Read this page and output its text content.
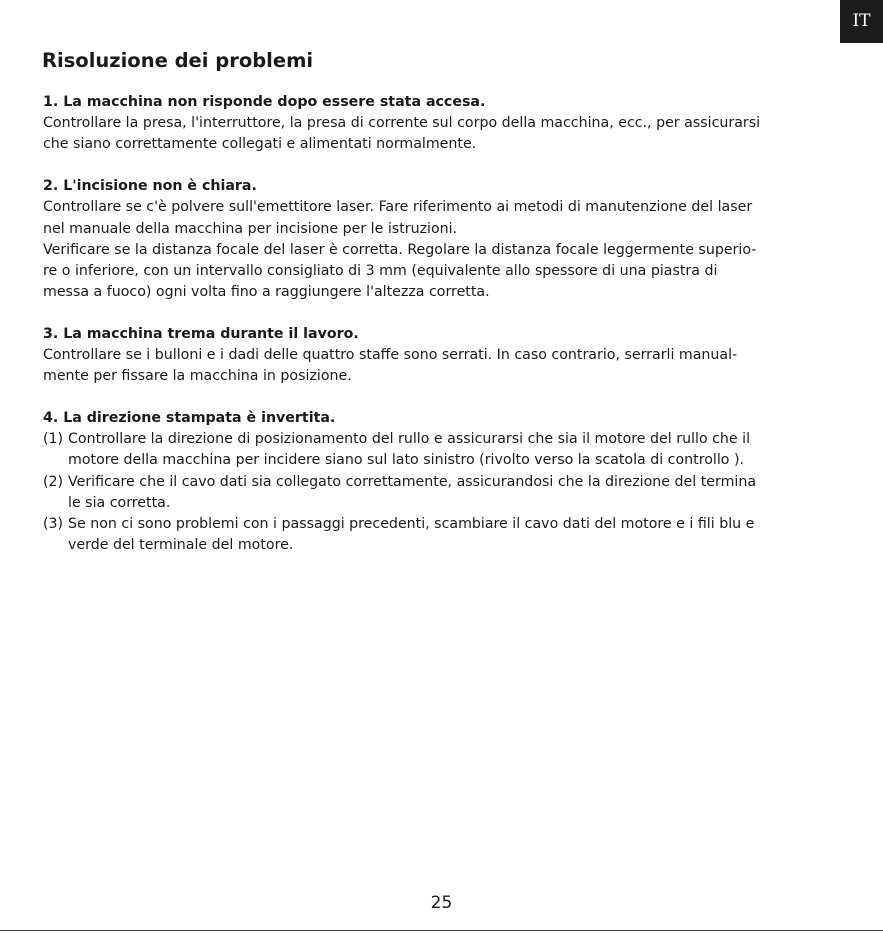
IT
Risoluzione dei problemi
1. La macchina non risponde dopo essere stata accesa.

Controllare la presa, l'interruttore, la presa di corrente sul corpo della macchina, ecc., per assicurarsi
che siano correttamente collegati e alimentati normalmente.

2. L'incisione non è chiara.

Controllare se c'è polvere sull'emettitore laser. Fare riferimento ai metodi di manutenzione del laser
nel manuale della macchina per incisione per le istruzioni.
Verificare se la distanza focale del laser è corretta. Regolare la distanza focale leggermente superio-
re o inferiore, con un intervallo consigliato di 3 mm (equivalente allo spessore di una piastra di
messa a fuoco) ogni volta fino a raggiungere l'altezza corretta.

3. La macchina trema durante il lavoro.

Controllare se i bulloni e i dadi delle quattro staffe sono serrati. In caso contrario, serrarli manual-
mente per fissare la macchina in posizione.

4. La direzione stampata è invertita.
(1) Controllare la direzione di posizionamento del rullo e assicurarsi che sia il motore del rullo che il
motore della macchina per incidere siano sul lato sinistro (rivolto verso la scatola di controllo ).
(2) Verificare che il cavo dati sia collegato correttamente, assicurandosi che la direzione del termina
le sia corretta.
(3) Se non ci sono problemi con i passaggi precedenti, scambiare il cavo dati del motore e i fili blu e
verde del terminale del motore.
25
